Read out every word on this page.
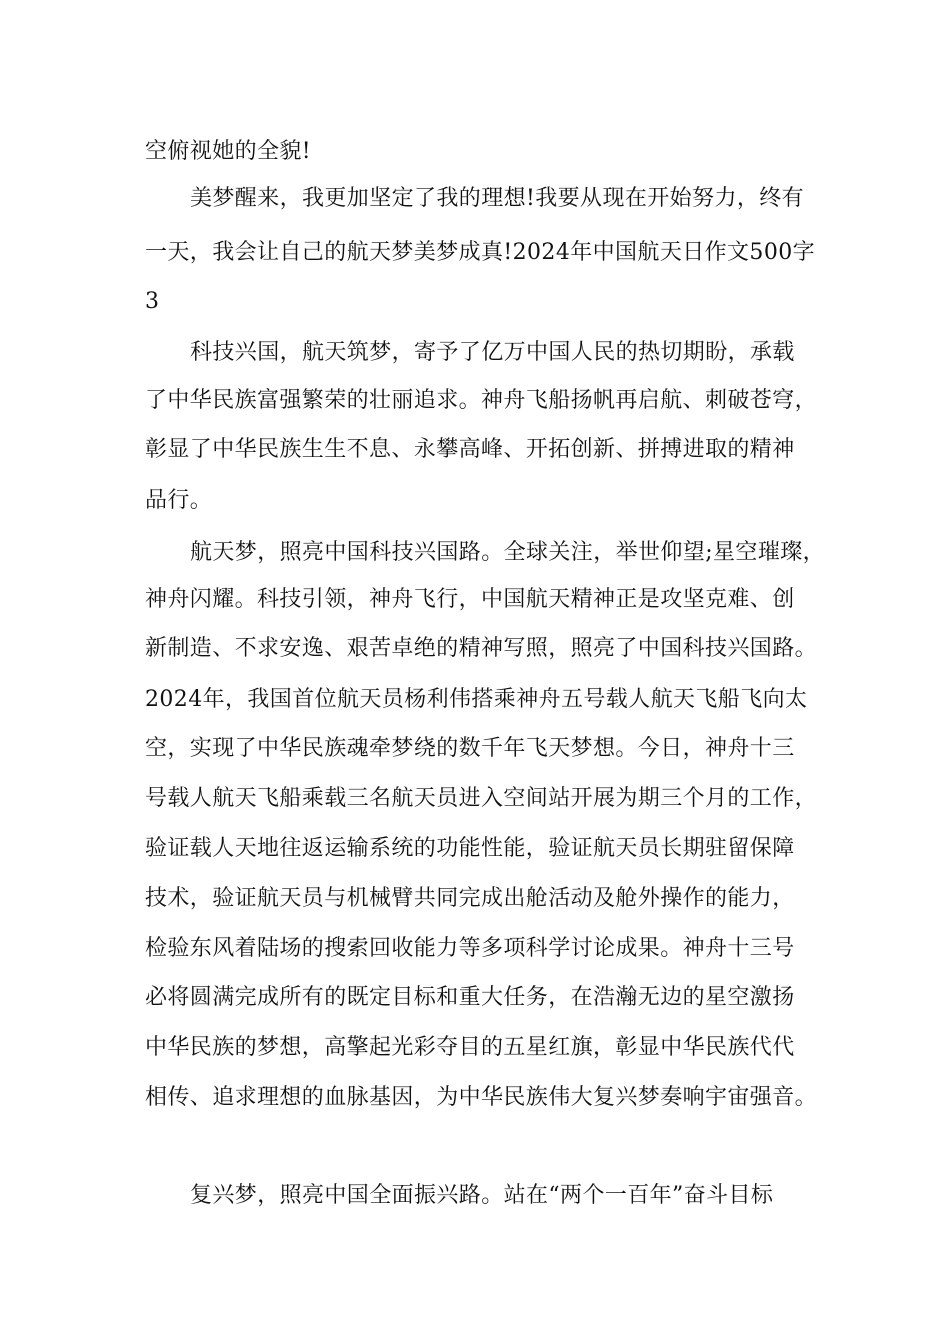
空俯视她的全貌!
美梦醒来，我更加坚定了我的理想!我要从现在开始努力，终有
一天，我会让自己的航天梦美梦成真!2024年中国航天日作文500字
3
科技兴国，航天筑梦，寄予了亿万中国人民的热切期盼，承载
了中华民族富强繁荣的壮丽追求。神舟飞船扬帆再启航、刺破苍穹，
彰显了中华民族生生不息、永攀高峰、开拓创新、拼搏进取的精神
品行。
航天梦，照亮中国科技兴国路。全球关注，举世仰望;星空璀璨，
神舟闪耀。科技引领，神舟飞行，中国航天精神正是攻坚克难、创
新制造、不求安逸、艰苦卓绝的精神写照，照亮了中国科技兴国路。
2024年，我国首位航天员杨利伟搭乘神舟五号载人航天飞船飞向太
空，实现了中华民族魂牵梦绕的数千年飞天梦想。今日，神舟十三
号载人航天飞船乘载三名航天员进入空间站开展为期三个月的工作，
验证载人天地往返运输系统的功能性能，验证航天员长期驻留保障
技术，验证航天员与机械臂共同完成出舱活动及舱外操作的能力，
检验东风着陆场的搜索回收能力等多项科学讨论成果。神舟十三号
必将圆满完成所有的既定目标和重大任务，在浩瀚无边的星空激扬
中华民族的梦想，高擎起光彩夺目的五星红旗，彰显中华民族代代
相传、追求理想的血脉基因，为中华民族伟大复兴梦奏响宇宙强音。
复兴梦，照亮中国全面振兴路。站在“两个一百年”奋斗目标
